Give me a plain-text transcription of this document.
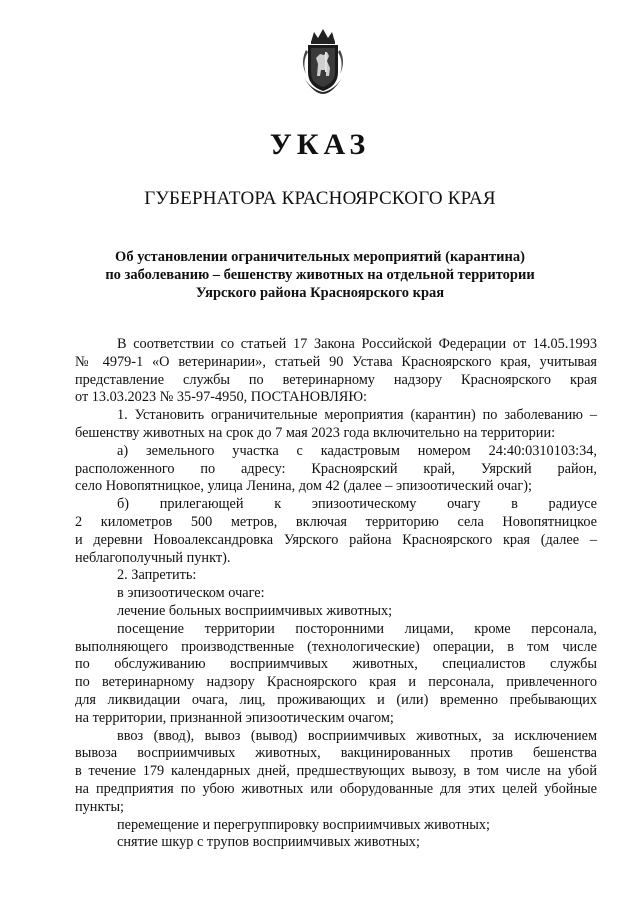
УКАЗ
ГУБЕРНАТОРА КРАСНОЯРСКОГО КРАЯ
Об установлении ограничительных мероприятий (карантина)
по заболеванию – бешенству животных на отдельной территории
Уярского района Красноярского края
В соответствии со статьей 17 Закона Российской Федерации от 14.05.1993
№ 4979-1 «О ветеринарии», статьей 90 Устава Красноярского края, учитывая
представление службы по ветеринарному надзору Красноярского края
от 13.03.2023 № 35-97-4950, ПОСТАНОВЛЯЮ:
1. Установить ограничительные мероприятия (карантин) по заболеванию –
бешенству животных на срок до 7 мая 2023 года включительно на территории:
а) земельного участка с кадастровым номером 24:40:0310103:34,
расположенного по адресу: Красноярский край, Уярский район,
село Новопятницкое, улица Ленина, дом 42 (далее – эпизоотический очаг);
б) прилегающей к эпизоотическому очагу в радиусе
2 километров 500 метров, включая территорию села Новопятницкое
и деревни Новоалександровка Уярского района Красноярского края (далее –
неблагополучный пункт).
2. Запретить:
в эпизоотическом очаге:
лечение больных восприимчивых животных;
посещение территории посторонними лицами, кроме персонала,
выполняющего производственные (технологические) операции, в том числе
по обслуживанию восприимчивых животных, специалистов службы
по ветеринарному надзору Красноярского края и персонала, привлеченного
для ликвидации очага, лиц, проживающих и (или) временно пребывающих
на территории, признанной эпизоотическим очагом;
ввоз (ввод), вывоз (вывод) восприимчивых животных, за исключением
вывоза восприимчивых животных, вакцинированных против бешенства
в течение 179 календарных дней, предшествующих вывозу, в том числе на убой
на предприятия по убою животных или оборудованные для этих целей убойные
пункты;
перемещение и перегруппировку восприимчивых животных;
снятие шкур с трупов восприимчивых животных;
